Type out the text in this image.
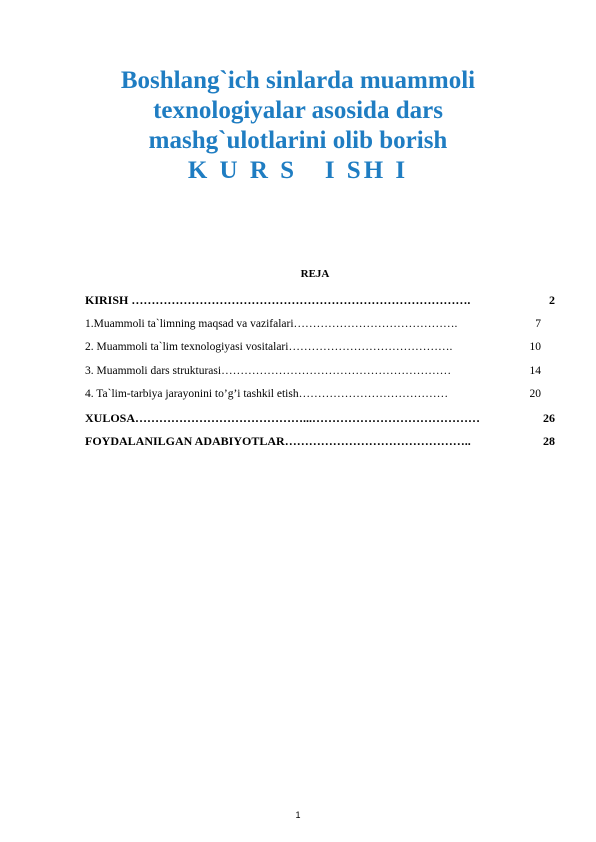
Boshlang`ich sinlarda muammoli
texnologiyalar asosida dars
mashg`ulotlarini olib borish
K U R S   I SH I
REJA
KIRISH ………………………………………………………………………….	2
1.Muammoli ta`limning maqsad va vazifalari…………………………………….	7
2. Muammoli ta`lim texnologiyasi vositalari…………………………………….	10
3. Muammoli dars strukturasi……………………………………………………	14
4. Ta`lim-tarbiya jarayonini to’g’i tashkil etish…………………………………	20
XULOSA……………………………………...……………………………………	26
FOYDALANILGAN ADABIYOTLAR………………………………………..	28
1
